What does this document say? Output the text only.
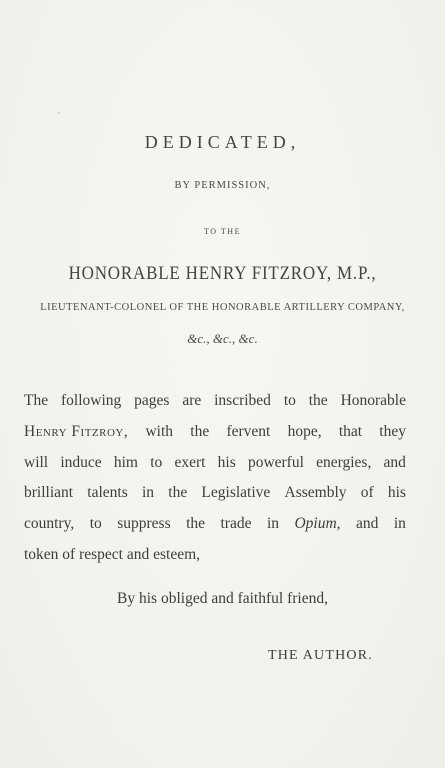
DEDICATED,
BY PERMISSION,
TO THE
HONORABLE HENRY FITZROY, M.P.,
LIEUTENANT-COLONEL OF THE HONORABLE ARTILLERY COMPANY,
&c., &c., &c.
The following pages are inscribed to the Honorable
Henry Fitzroy, with the fervent hope, that they
will induce him to exert his powerful energies, and
brilliant talents in the Legislative Assembly of his
country, to suppress the trade in Opium, and in
token of respect and esteem,
By his obliged and faithful friend,
THE AUTHOR.
